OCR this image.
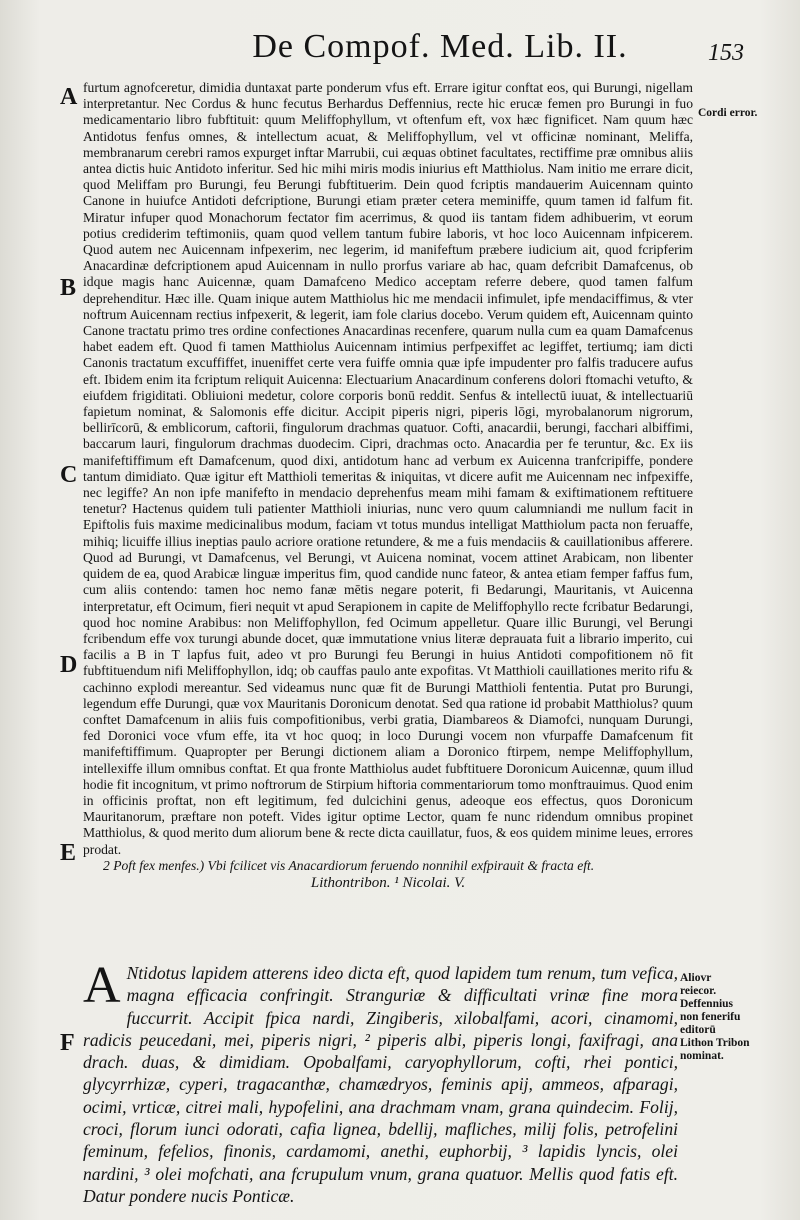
De Compof. Med. Lib. II.	153
A
B
C
D
E
F

furtum agnofceretur, dimidia duntaxat parte ponderum vfus eft. Errare igitur conftat eos, qui Burungi, nigellam interpretantur. Nec Cordus & hunc fecutus Berhardus Deffennius, recte hic erucæ femen pro Burungi in fuo medicamentario libro fubftituit: quum Meliffophyllum, vt oftenfum eft, vox hæc fignificet. Nam quum hæc Antidotus fenfus omnes, & intellectum acuat, & Meliffophyllum, vel vt officinæ nominant, Meliffa, membranarum cerebri ramos expurget inftar Marrubii, cui æquas obtinet facultates, rectiffime præ omnibus aliis antea dictis huic Antidoto inferitur. Sed hic mihi miris modis iniurius eft Matthiolus. Nam initio me errare dicit, quod Meliffam pro Burungi, feu Berungi fubftituerim. Dein quod fcriptis mandauerim Auicennam quinto Canone in huiufce Antidoti defcriptione, Burungi etiam præter cetera meminiffe, quum tamen id falfum fit. Miratur infuper quod Monachorum fectator fim acerrimus, & quod iis tantam fidem adhibuerim, vt eorum potius crediderim teftimoniis, quam quod vellem tantum fubire laboris, vt hoc loco Auicennam infpicerem. Quod autem nec Auicennam infpexerim, nec legerim, id manifeftum præbere iudicium ait, quod fcripferim Anacardinæ defcriptionem apud Auicennam in nullo prorfus variare ab hac, quam defcribit Damafcenus, ob idque magis hanc Auicennæ, quam Damafceno Medico acceptam referre debere, quod tamen falfum deprehenditur. Hæc ille. Quam inique autem Matthiolus hic me mendacii infimulet, ipfe mendaciffimus, & vter noftrum Auicennam rectius infpexerit, & legerit, iam fole clarius docebo. Verum quidem eft, Auicennam quinto Canone tractatu primo tres ordine confectiones Anacardinas recenfere, quarum nulla cum ea quam Damafcenus habet eadem eft. Quod fi tamen Matthiolus Auicennam intimius perfpexiffet ac legiffet, tertiumq; iam dicti Canonis tractatum excuffiffet, inueniffet certe vera fuiffe omnia quæ ipfe impudenter pro falfis traducere aufus eft. Ibidem enim ita fcriptum reliquit Auicenna: Electuarium Anacardinum conferens dolori ftomachi vetufto, & eiufdem frigiditati. Obliuioni medetur, colore corporis bonū reddit. Senfus & intellectū iuuat, & intellectuariū fapietum nominat, & Salomonis effe dicitur. Accipit piperis nigri, piperis lōgi, myrobalanorum nigrorum, bellirīcorū, & emblicorum, caftorii, fingulorum drachmas quatuor. Cofti, anacardii, berungi, facchari albiffimi, baccarum lauri, fingulorum drachmas duodecim. Cipri, drachmas octo. Anacardia per fe teruntur, &c. Ex iis manifeftiffimum eft Damafcenum, quod dixi, antidotum hanc ad verbum ex Auicenna tranfcripiffe, pondere tantum dimidiato. Quæ igitur eft Matthioli temeritas & iniquitas, vt dicere aufit me Auicennam nec infpexiffe, nec legiffe? An non ipfe manifefto in mendacio deprehenfus meam mihi famam & exiftimationem reftituere tenetur? Hactenus quidem tuli patienter Matthioli iniurias, nunc vero quum calumniandi me nullum facit in Epiftolis fuis maxime medicinalibus modum, faciam vt totus mundus intelligat Matthiolum pacta non feruaffe, mihiq; licuiffe illius ineptias paulo acriore oratione retundere, & me a fuis mendaciis & cauillationibus afferere. Quod ad Burungi, vt Damafcenus, vel Berungi, vt Auicena nominat, vocem attinet Arabicam, non libenter quidem de ea, quod Arabicæ linguæ imperitus fim, quod candide nunc fateor, & antea etiam femper faffus fum, cum aliis contendo: tamen hoc nemo fanæ mētis negare poterit, fi Bedarungi, Mauritanis, vt Auicenna interpretatur, eft Ocimum, fieri nequit vt apud Serapionem in capite de Meliffophyllo recte fcribatur Bedarungi, quod hoc nomine Arabibus: non Meliffophyllon, fed Ocimum appelletur. Quare illic Burungi, vel Berungi fcribendum effe vox turungi abunde docet, quæ immutatione vnius literæ deprauata fuit a librario imperito, cui facilis a B in T lapfus fuit, adeo vt pro Burungi feu Berungi in huius Antidoti compofitionem nō fit fubftituendum nifi Meliffophyllon, idq; ob cauffas paulo ante expofitas. Vt Matthioli cauillationes merito rifu & cachinno explodi mereantur. Sed videamus nunc quæ fit de Burungi Matthioli fententia. Putat pro Burungi, legendum effe Durungi, quæ vox Mauritanis Doronicum denotat. Sed qua ratione id probabit Matthiolus? quum conftet Damafcenum in aliis fuis compofitionibus, verbi gratia, Diambareos & Diamofci, nunquam Durungi, fed Doronici voce vfum effe, ita vt hoc quoq; in loco Durungi vocem non vfurpaffe Damafcenum fit manifeftiffimum. Quapropter per Berungi dictionem aliam a Doronico ftirpem, nempe Meliffophyllum, intellexiffe illum omnibus conftat. Et qua fronte Matthiolus audet fubftituere Doronicum Auicennæ, quum illud hodie fit incognitum, vt primo noftrorum de Stirpium hiftoria commentariorum tomo monftrauimus. Quod enim in officinis proftat, non eft legitimum, fed dulcichini genus, adeoque eos effectus, quos Doronicum Mauritanorum, præftare non poteft. Vides igitur optime Lector, quam fe nunc ridendum omnibus propinet Matthiolus, & quod merito dum aliorum bene & recte dicta cauillatur, fuos, & eos quidem minime leues, errores prodat.

2 Poft fex menfes.) Vbi fcilicet vis Anacardiorum feruendo nonnihil exfpirauit & fracta eft.

Lithontribon. ¹ Nicolai. V.
A Ntidotus lapidem atterens ideo dicta eft, quod lapidem tum renum, tum vefica, magna efficacia confringit. Stranguriæ & difficultati vrinæ fine mora fuccurrit. Accipit fpica nardi, Zingiberis, xilobalfami, acori, cinamomi, radicis peucedani, mei, piperis nigri, ² piperis albi, piperis longi, faxifragi, ana drach. duas, & dimidiam. Opobalfami, caryophyllorum, cofti, rhei pontici, glycyrrhizæ, cyperi, tragacanthæ, chamædryos, feminis apij, ammeos, afparagi, ocimi, vrticæ, citrei mali, hypofelini, ana drachmam vnam, grana quindecim. Folij, croci, florum iunci odorati, cafia lignea, bdellij, mafliches, milij folis, petrofelini feminum, fefelios, finonis, cardamomi, anethi, euphorbij, ³ lapidis lyncis, olei nardini, ³ olei mofchati, ana fcrupulum vnum, grana quatuor. Mellis quod fatis eft. Datur pondere nucis Ponticæ.
Cordi error.
Aliovr reiecor. Deffennius non fenerifu editorū Lithon Tribon nominat.
